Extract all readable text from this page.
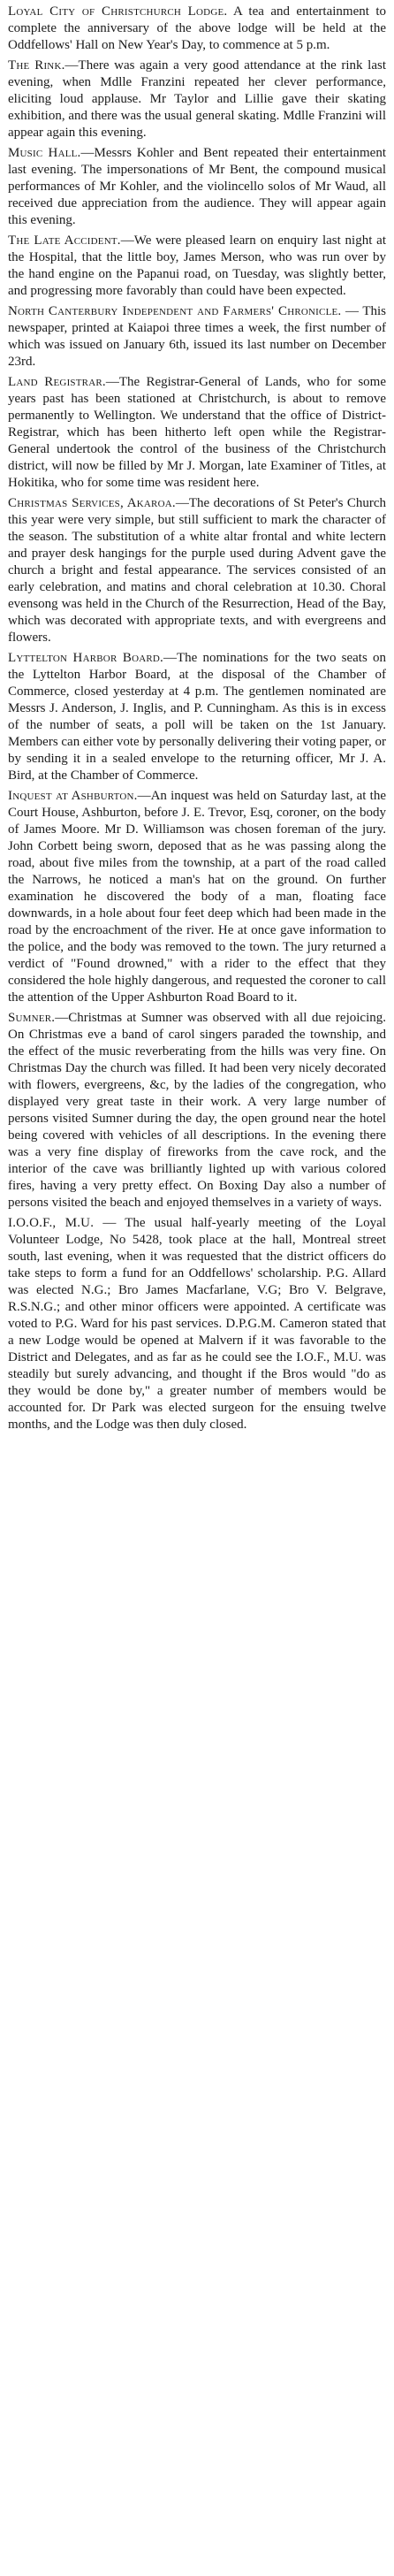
Loyal City of Christchurch Lodge. A tea and entertainment to complete the anniversary of the above lodge will be held at the Oddfellows' Hall on New Year's Day, to commence at 5 p.m.

The Rink.—There was again a very good attendance at the rink last evening, when Mdlle Franzini repeated her clever performance, eliciting loud applause. Mr Taylor and Lillie gave their skating exhibition, and there was the usual general skating. Mdlle Franzini will appear again this evening.

Music Hall.—Messrs Kohler and Bent repeated their entertainment last evening. The impersonations of Mr Bent, the compound musical performances of Mr Kohler, and the violincello solos of Mr Waud, all received due appreciation from the audience. They will appear again this evening.

The Late Accident.—We were pleased learn on enquiry last night at the Hospital, that the little boy, James Merson, who was run over by the hand engine on the Papanui road, on Tuesday, was slightly better, and progressing more favorably than could have been expected.

North Canterbury Independent and Farmers' Chronicle. — This newspaper, printed at Kaiapoi three times a week, the first number of which was issued on January 6th, issued its last number on December 23rd.

Land Registrar.—The Registrar-General of Lands, who for some years past has been stationed at Christchurch, is about to remove permanently to Wellington. We understand that the office of District-Registrar, which has been hitherto left open while the Registrar-General undertook the control of the business of the Christchurch district, will now be filled by Mr J. Morgan, late Examiner of Titles, at Hokitika, who for some time was resident here.

Christmas Services, Akaroa.—The decorations of St Peter's Church this year were very simple, but still sufficient to mark the character of the season. The substitution of a white altar frontal and white lectern and prayer desk hangings for the purple used during Advent gave the church a bright and festal appearance. The services consisted of an early celebration, and matins and choral celebration at 10.30. Choral evensong was held in the Church of the Resurrection, Head of the Bay, which was decorated with appropriate texts, and with evergreens and flowers.

Lyttelton Harbor Board.—The nominations for the two seats on the Lyttelton Harbor Board, at the disposal of the Chamber of Commerce, closed yesterday at 4 p.m. The gentlemen nominated are Messrs J. Anderson, J. Inglis, and P. Cunningham. As this is in excess of the number of seats, a poll will be taken on the 1st January. Members can either vote by personally delivering their voting paper, or by sending it in a sealed envelope to the returning officer, Mr J. A. Bird, at the Chamber of Commerce.

Inquest at Ashburton.—An inquest was held on Saturday last, at the Court House, Ashburton, before J. E. Trevor, Esq, coroner, on the body of James Moore. Mr D. Williamson was chosen foreman of the jury. John Corbett being sworn, deposed that as he was passing along the road, about five miles from the township, at a part of the road called the Narrows, he noticed a man's hat on the ground. On further examination he discovered the body of a man, floating face downwards, in a hole about four feet deep which had been made in the road by the encroachment of the river. He at once gave information to the police, and the body was removed to the town. The jury returned a verdict of "Found drowned," with a rider to the effect that they considered the hole highly dangerous, and requested the coroner to call the attention of the Upper Ashburton Road Board to it.

Sumner.—Christmas at Sumner was observed with all due rejoicing. On Christmas eve a band of carol singers paraded the township, and the effect of the music reverberating from the hills was very fine. On Christmas Day the church was filled. It had been very nicely decorated with flowers, evergreens, &c, by the ladies of the congregation, who displayed very great taste in their work. A very large number of persons visited Sumner during the day, the open ground near the hotel being covered with vehicles of all descriptions. In the evening there was a very fine display of fireworks from the cave rock, and the interior of the cave was brilliantly lighted up with various colored fires, having a very pretty effect. On Boxing Day also a number of persons visited the beach and enjoyed themselves in a variety of ways.

I.O.O.F., M.U. — The usual half-yearly meeting of the Loyal Volunteer Lodge, No 5428, took place at the hall, Montreal street south, last evening, when it was requested that the district officers do take steps to form a fund for an Oddfellows' scholarship. P.G. Allard was elected N.G.; Bro James Macfarlane, V.G; Bro V. Belgrave, R.S.N.G.; and other minor officers were appointed. A certificate was voted to P.G. Ward for his past services. D.P.G.M. Cameron stated that a new Lodge would be opened at Malvern if it was favorable to the District and Delegates, and as far as he could see the I.O.F., M.U. was steadily but surely advancing, and thought if the Bros would "do as they would be done by," a greater number of members would be accounted for. Dr Park was elected surgeon for the ensuing twelve months, and the Lodge was then duly closed.
